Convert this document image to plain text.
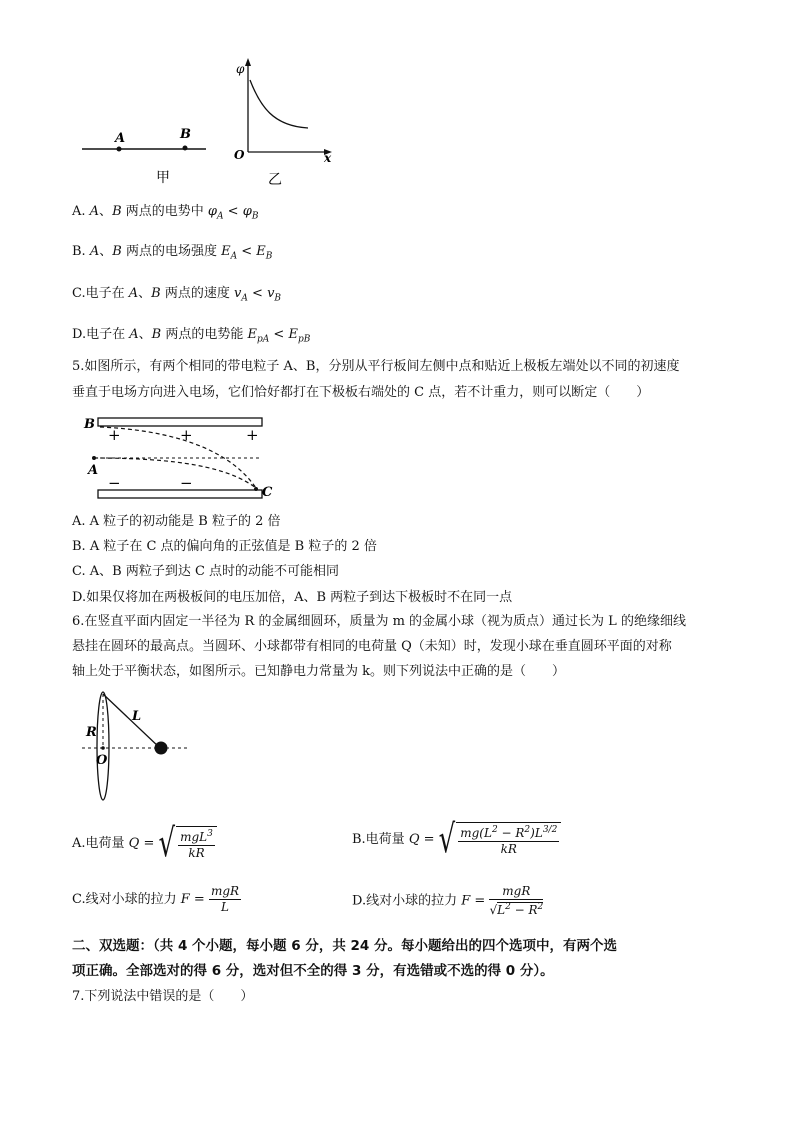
A	B
甲
φ
O	x
乙
A. A、B 两点的电势中 $\varphi_A < \varphi_B$
B. A、B 两点的电场强度 $E_A < E_B$
C.电子在 A、B 两点的速度 $v_A < v_B$
D.电子在 A、B 两点的电势能 $E_{pA} < E_{pB}$
5.如图所示，有两个相同的带电粒子 A、B，分别从平行板间左侧中点和贴近上极板左端处以不同的初速度
垂直于电场方向进入电场，它们恰好都打在下极板右端处的 C 点，若不计重力，则可以断定（　　）
B
A
C
+	+	+
−	−
A. A 粒子的初动能是 B 粒子的 2 倍
B. A 粒子在 C 点的偏向角的正弦值是 B 粒子的 2 倍
C. A、B 两粒子到达 C 点时的动能不可能相同
D.如果仅将加在两极板间的电压加倍，A、B 两粒子到达下极板时不在同一点
6.在竖直平面内固定一半径为 R 的金属细圆环，质量为 m 的金属小球（视为质点）通过长为 L 的绝缘细线
悬挂在圆环的最高点。当圆环、小球都带有相同的电荷量 Q（未知）时，发现小球在垂直圆环平面的对称
轴上处于平衡状态，如图所示。已知静电力常量为 k。则下列说法中正确的是（　　）
R
L
O
A.电荷量 Q = √ $\frac{mgL^3}{kR}$	B.电荷量 Q = √ $\frac{mg(L^2 - R^2)L^{3/2}}{kR}$
C.线对小球的拉力 $F = \frac{\text{mgR}}{L}$	D.线对小球的拉力 $F = \frac{\text{mgR}}{√L^2 - R^2}$
二、双选题：（共 4 个小题，每小题 6 分，共 24 分。每小题给出的四个选项中，有两个选
项正确。全部选对的得 6 分，选对但不全的得 3 分，有选错或不选的得 0 分）。
7.下列说法中错误的是（　　）
